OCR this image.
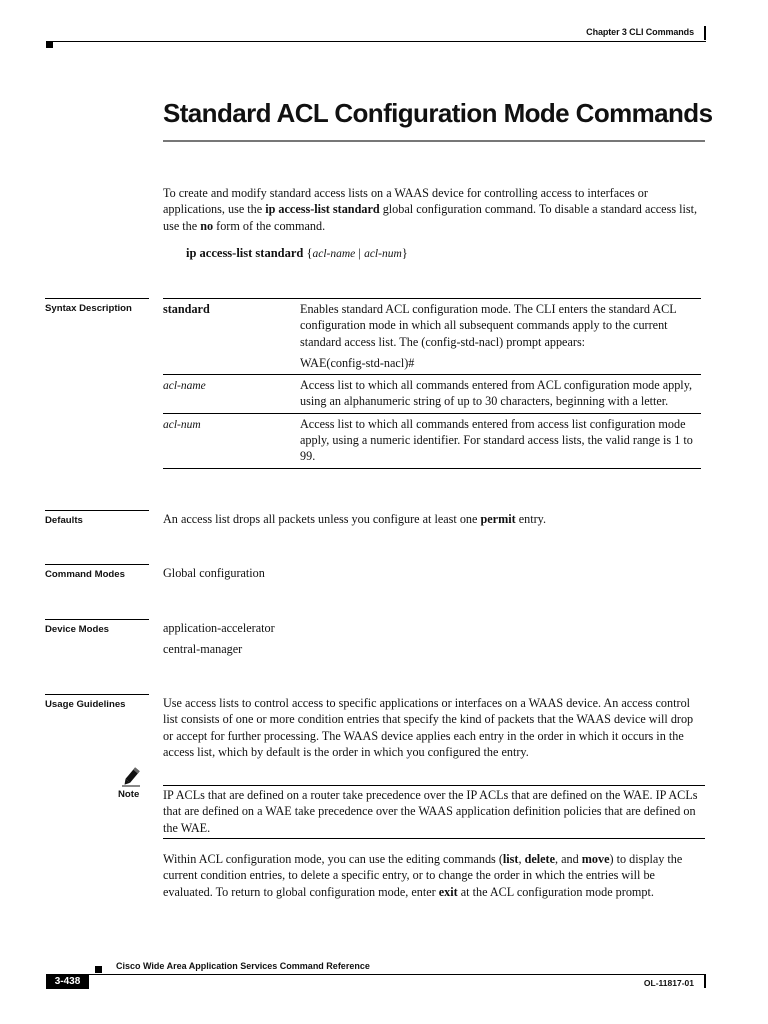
Chapter 3 CLI Commands
Standard ACL Configuration Mode Commands
To create and modify standard access lists on a WAAS device for controlling access to interfaces or applications, use the ip access-list standard global configuration command. To disable a standard access list, use the no form of the command.
ip access-list standard {acl-name | acl-num}
Syntax Description	standard	Enables standard ACL configuration mode. The CLI enters the standard ACL configuration mode in which all subsequent commands apply to the current standard access list. The (config-std-nacl) prompt appears:
WAE(config-std-nacl)#

acl-name	Access list to which all commands entered from ACL configuration mode apply, using an alphanumeric string of up to 30 characters, beginning with a letter.
acl-num	Access list to which all commands entered from access list configuration mode apply, using a numeric identifier. For standard access lists, the valid range is 1 to 99.
Defaults	An access list drops all packets unless you configure at least one permit entry.
Command Modes	Global configuration
Device Modes	application-accelerator
central-manager
Usage Guidelines	Use access lists to control access to specific applications or interfaces on a WAAS device. An access control list consists of one or more condition entries that specify the kind of packets that the WAAS device will drop or accept for further processing. The WAAS device applies each entry in the order in which it occurs in the access list, which by default is the order in which you configured the entry.
Note IP ACLs that are defined on a router take precedence over the IP ACLs that are defined on the WAE. IP ACLs that are defined on a WAE take precedence over the WAAS application definition policies that are defined on the WAE.
Within ACL configuration mode, you can use the editing commands (list, delete, and move) to display the current condition entries, to delete a specific entry, or to change the order in which the entries will be evaluated. To return to global configuration mode, enter exit at the ACL configuration mode prompt.
Cisco Wide Area Application Services Command Reference
3-438	OL-11817-01
